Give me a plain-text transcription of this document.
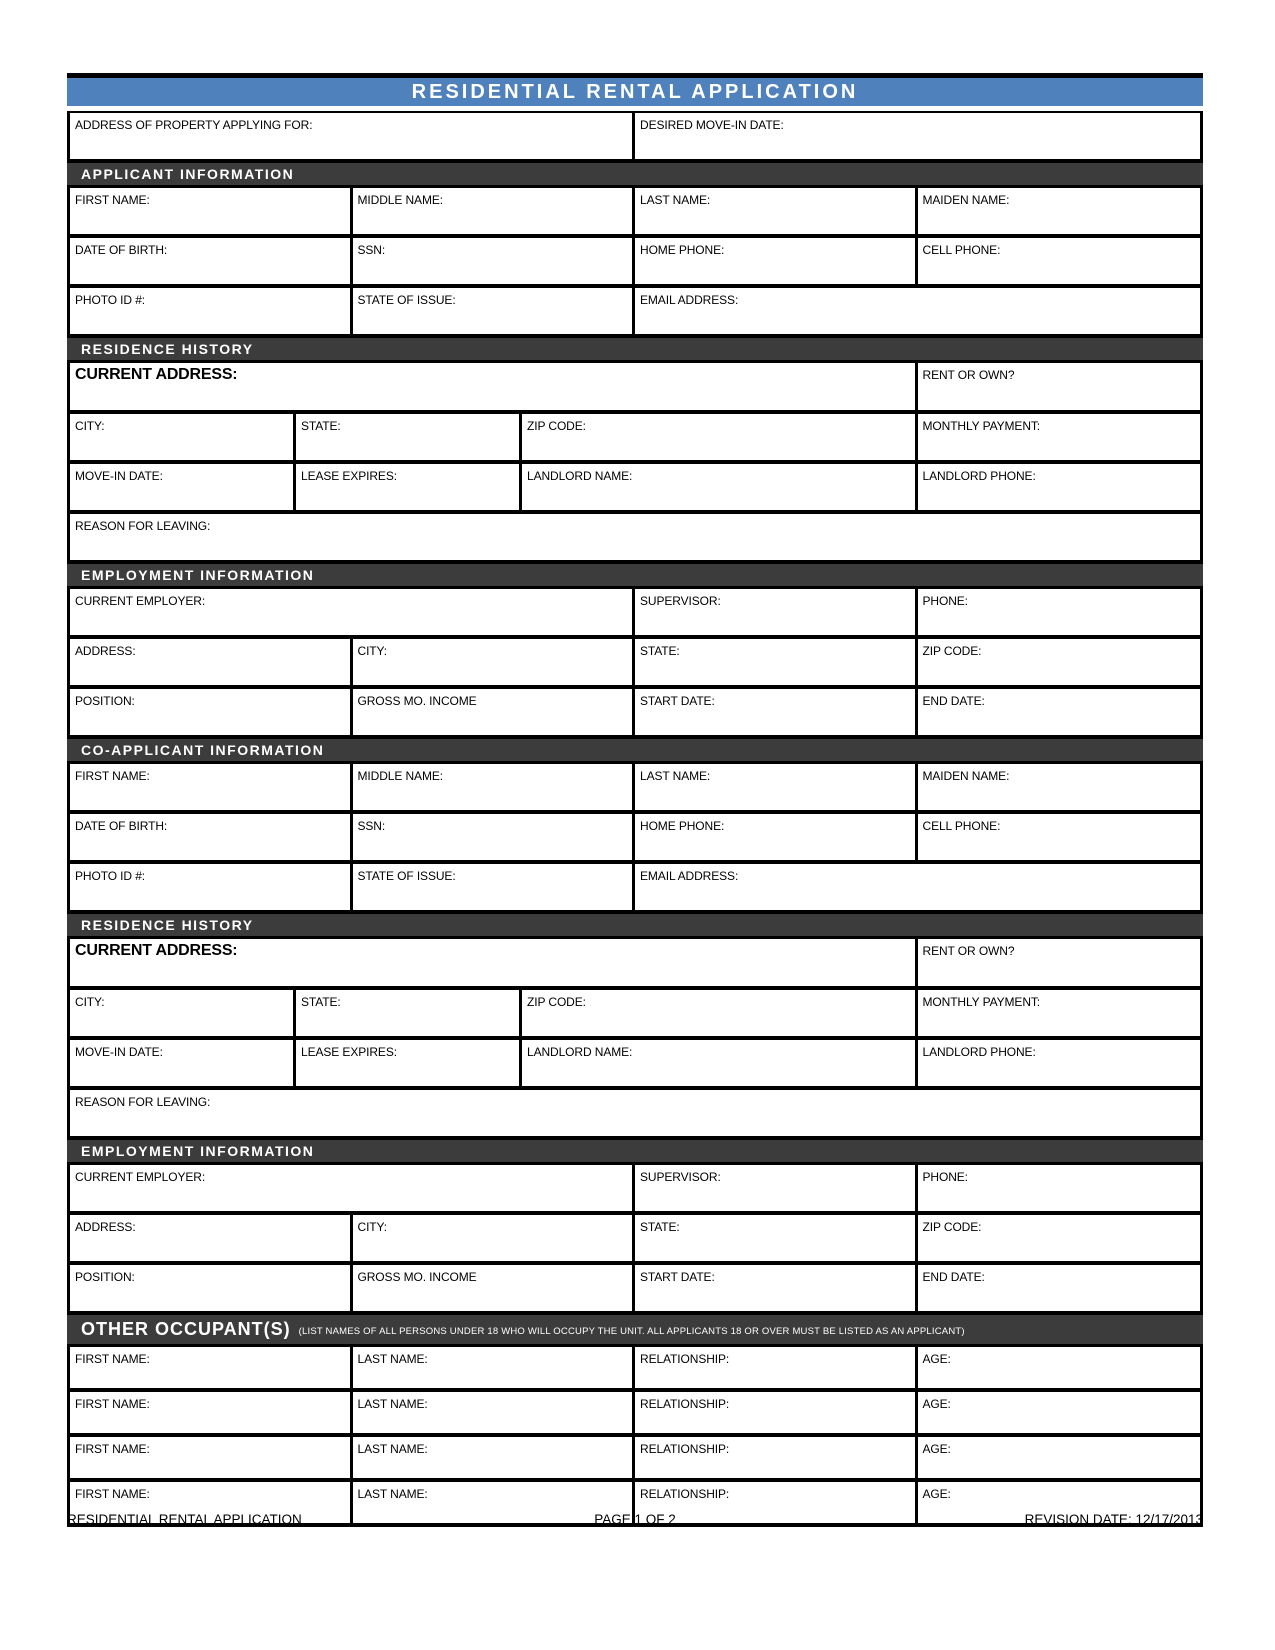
RESIDENTIAL RENTAL APPLICATION
ADDRESS OF PROPERTY APPLYING FOR:	DESIRED MOVE-IN DATE:
APPLICANT INFORMATION
FIRST NAME:	MIDDLE NAME:	LAST NAME:	MAIDEN NAME:
DATE OF BIRTH:	SSN:	HOME PHONE:	CELL PHONE:
PHOTO ID #:	STATE OF ISSUE:	EMAIL ADDRESS:
RESIDENCE HISTORY
CURRENT ADDRESS:	RENT OR OWN?
CITY:	STATE:	ZIP CODE:	MONTHLY PAYMENT:
MOVE-IN DATE:	LEASE EXPIRES:	LANDLORD NAME:	LANDLORD PHONE:
REASON FOR LEAVING:
EMPLOYMENT INFORMATION
CURRENT EMPLOYER:	SUPERVISOR:	PHONE:
ADDRESS:	CITY:	STATE:	ZIP CODE:
POSITION:	GROSS MO. INCOME	START DATE:	END DATE:
CO-APPLICANT INFORMATION
FIRST NAME:	MIDDLE NAME:	LAST NAME:	MAIDEN NAME:
DATE OF BIRTH:	SSN:	HOME PHONE:	CELL PHONE:
PHOTO ID #:	STATE OF ISSUE:	EMAIL ADDRESS:
RESIDENCE HISTORY
CURRENT ADDRESS:	RENT OR OWN?
CITY:	STATE:	ZIP CODE:	MONTHLY PAYMENT:
MOVE-IN DATE:	LEASE EXPIRES:	LANDLORD NAME:	LANDLORD PHONE:
REASON FOR LEAVING:
EMPLOYMENT INFORMATION
CURRENT EMPLOYER:	SUPERVISOR:	PHONE:
ADDRESS:	CITY:	STATE:	ZIP CODE:
POSITION:	GROSS MO. INCOME	START DATE:	END DATE:
OTHER OCCUPANT(S) (LIST NAMES OF ALL PERSONS UNDER 18 WHO WILL OCCUPY THE UNIT. ALL APPLICANTS 18 OR OVER MUST BE LISTED AS AN APPLICANT)
FIRST NAME:	LAST NAME:	RELATIONSHIP:	AGE:
FIRST NAME:	LAST NAME:	RELATIONSHIP:	AGE:
FIRST NAME:	LAST NAME:	RELATIONSHIP:	AGE:
FIRST NAME:	LAST NAME:	RELATIONSHIP:	AGE:
RESIDENTIAL RENTAL APPLICATION	PAGE 1 OF 2	REVISION DATE: 12/17/2013
